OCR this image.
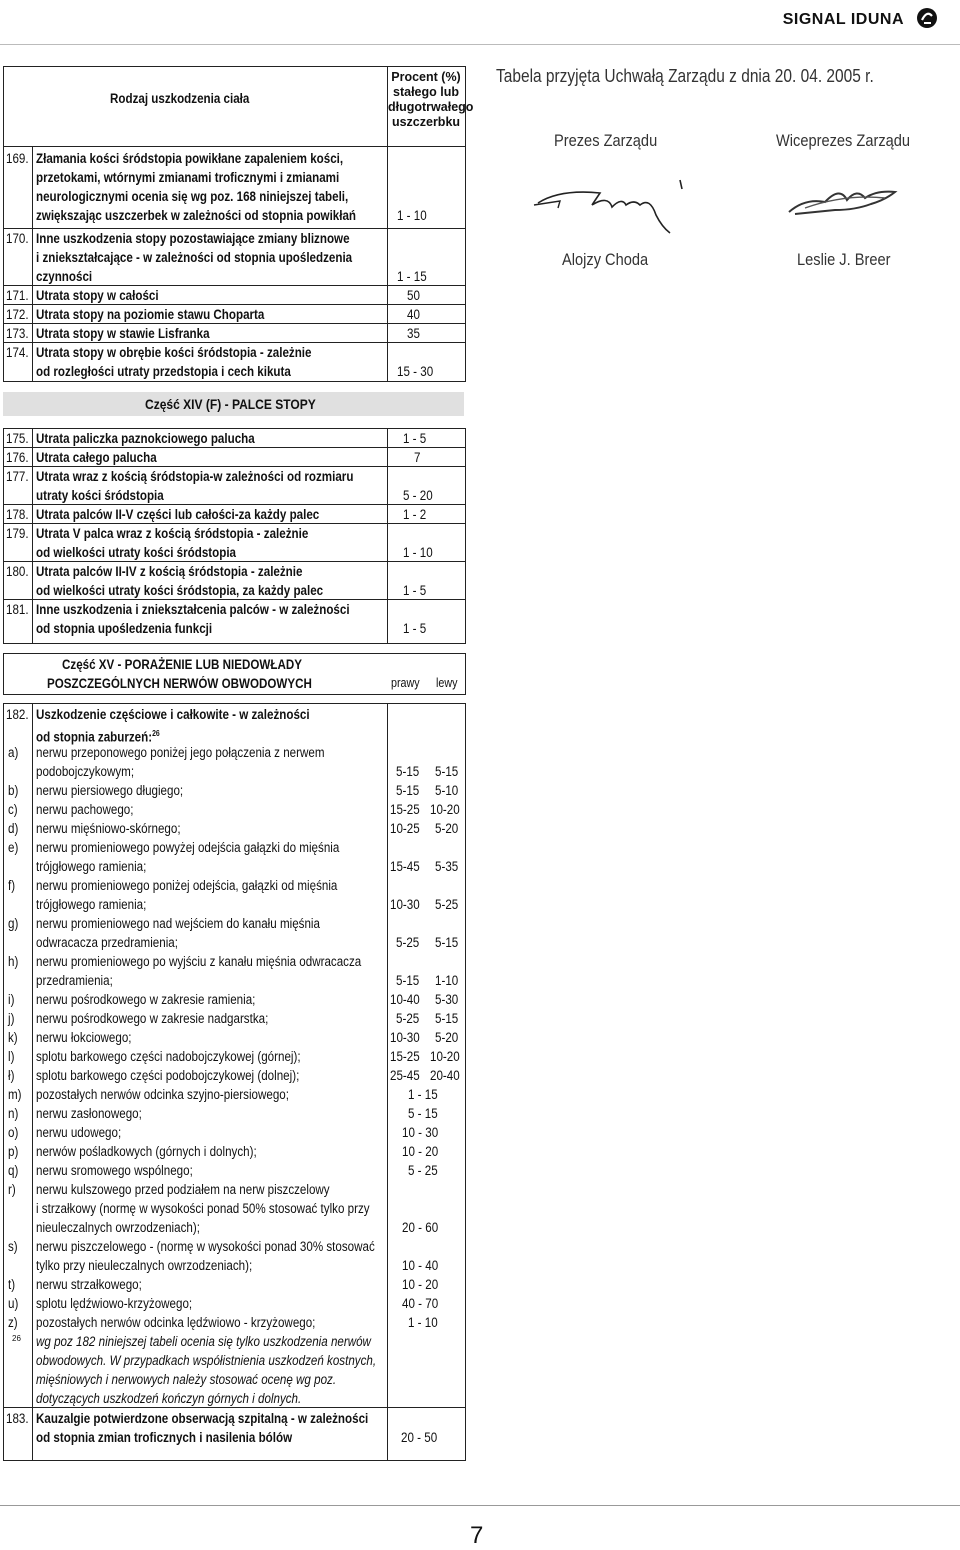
SIGNAL IDUNA
Rodzaj uszkodzenia ciała
Procent (%)
stałego lub
długotrwałego
uszczerbku
169. Złamania kości śródstopia powikłane zapaleniem kości,
przetokami, wtórnymi zmianami troficznymi i zmianami
neurologicznymi ocenia się wg poz. 168 niniejszej tabeli,
zwiększając uszczerbek w zależności od stopnia powikłań	1 - 10
170. Inne uszkodzenia stopy pozostawiające zmiany bliznowe
i zniekształcające - w zależności od stopnia upośledzenia
czynności	1 - 15
171. Utrata stopy w całości	50
172. Utrata stopy na poziomie stawu Choparta	40
173. Utrata stopy w stawie Lisfranka	35
174. Utrata stopy w obrębie kości śródstopia - zależnie
od rozległości utraty przedstopia i cech kikuta	15 - 30
Część XIV (F) - PALCE STOPY
175. Utrata paliczka paznokciowego palucha	1 - 5
176. Utrata całego palucha	7
177. Utrata wraz z kością śródstopia-w zależności od rozmiaru
utraty kości śródstopia	5 - 20
178. Utrata palców II-V części lub całości-za każdy palec	1 - 2
179. Utrata V palca wraz z kością śródstopia - zależnie
od wielkości utraty kości śródstopia	1 - 10
180. Utrata palców II-IV z kością śródstopia - zależnie
od wielkości utraty kości śródstopia, za każdy palec	1 - 5
181. Inne uszkodzenia i zniekształcenia palców - w zależności
od stopnia upośledzenia funkcji	1 - 5
Część XV - PORAŻENIE LUB NIEDOWŁADY
POSZCZEGÓLNYCH NERWÓW OBWODOWYCH	prawy	lewy
182. Uszkodzenie częściowe i całkowite - w zależności
od stopnia zaburzeń:$^{26}$
a) nerwu przeponowego poniżej jego połączenia z nerwem
podobojczykowym;	5-15 5-15
b) nerwu piersiowego długiego;	5-15 5-10
c) nerwu pachowego;	15-25 10-20
d) nerwu mięśniowo-skórnego;	10-25	5-20
e) nerwu promieniowego powyżej odejścia gałązki do mięśnia
trójgłowego ramienia;	15-45	5-35
f) nerwu promieniowego poniżej odejścia, gałązki od mięśnia
trójgłowego ramienia;	10-30	5-25
g) nerwu promieniowego nad wejściem do kanału mięśnia
odwracacza przedramienia;	5-25 5-15
h) nerwu promieniowego po wyjściu z kanału mięśnia odwracacza
przedramienia;	5-15 1-10
i) nerwu pośrodkowego w zakresie ramienia;	10-40	5-30
j) nerwu pośrodkowego w zakresie nadgarstka;	5-25 5-15
k) nerwu łokciowego;	10-30	5-20
l) splotu barkowego części nadobojczykowej (górnej);	15-25 10-20
ł) splotu barkowego części podobojczykowej (dolnej);	25-45 20-40
m) pozostałych nerwów odcinka szyjno-piersiowego;	1 - 15
n) nerwu zasłonowego;	5 - 15
o) nerwu udowego;	10 - 30
p) nerwów pośladkowych (górnych i dolnych);	10 - 20
q) nerwu sromowego wspólnego;	5 - 25
r) nerwu kulszowego przed podziałem na nerw piszczelowy
i strzałkowy (normę w wysokości ponad 50% stosować tylko przy
nieuleczalnych owrzodzeniach);	20 - 60
s) nerwu piszczelowego - (normę w wysokości ponad 30% stosować
tylko przy nieuleczalnych owrzodzeniach);	10 - 40
t) nerwu strzałkowego;	10 - 20
u) splotu lędźwiowo-krzyżowego;	40 - 70
z) pozostałych nerwów odcinka lędźwiowo - krzyżowego;	1 - 10
26 wg poz 182 niniejszej tabeli ocenia się tylko uszkodzenia nerwów
obwodowych. W przypadkach współistnienia uszkodzeń kostnych,
mięśniowych i nerwowych należy stosować ocenę wg poz.
dotyczących uszkodzeń kończyn górnych i dolnych.
183. Kauzalgie potwierdzone obserwacją szpitalną - w zależności
od stopnia zmian troficznych i nasilenia bólów	20 - 50
Tabela przyjęta Uchwałą Zarządu z dnia 20. 04. 2005 r.
Prezes Zarządu	Wiceprezes Zarządu
Alojzy Choda	Leslie J. Breer
7
